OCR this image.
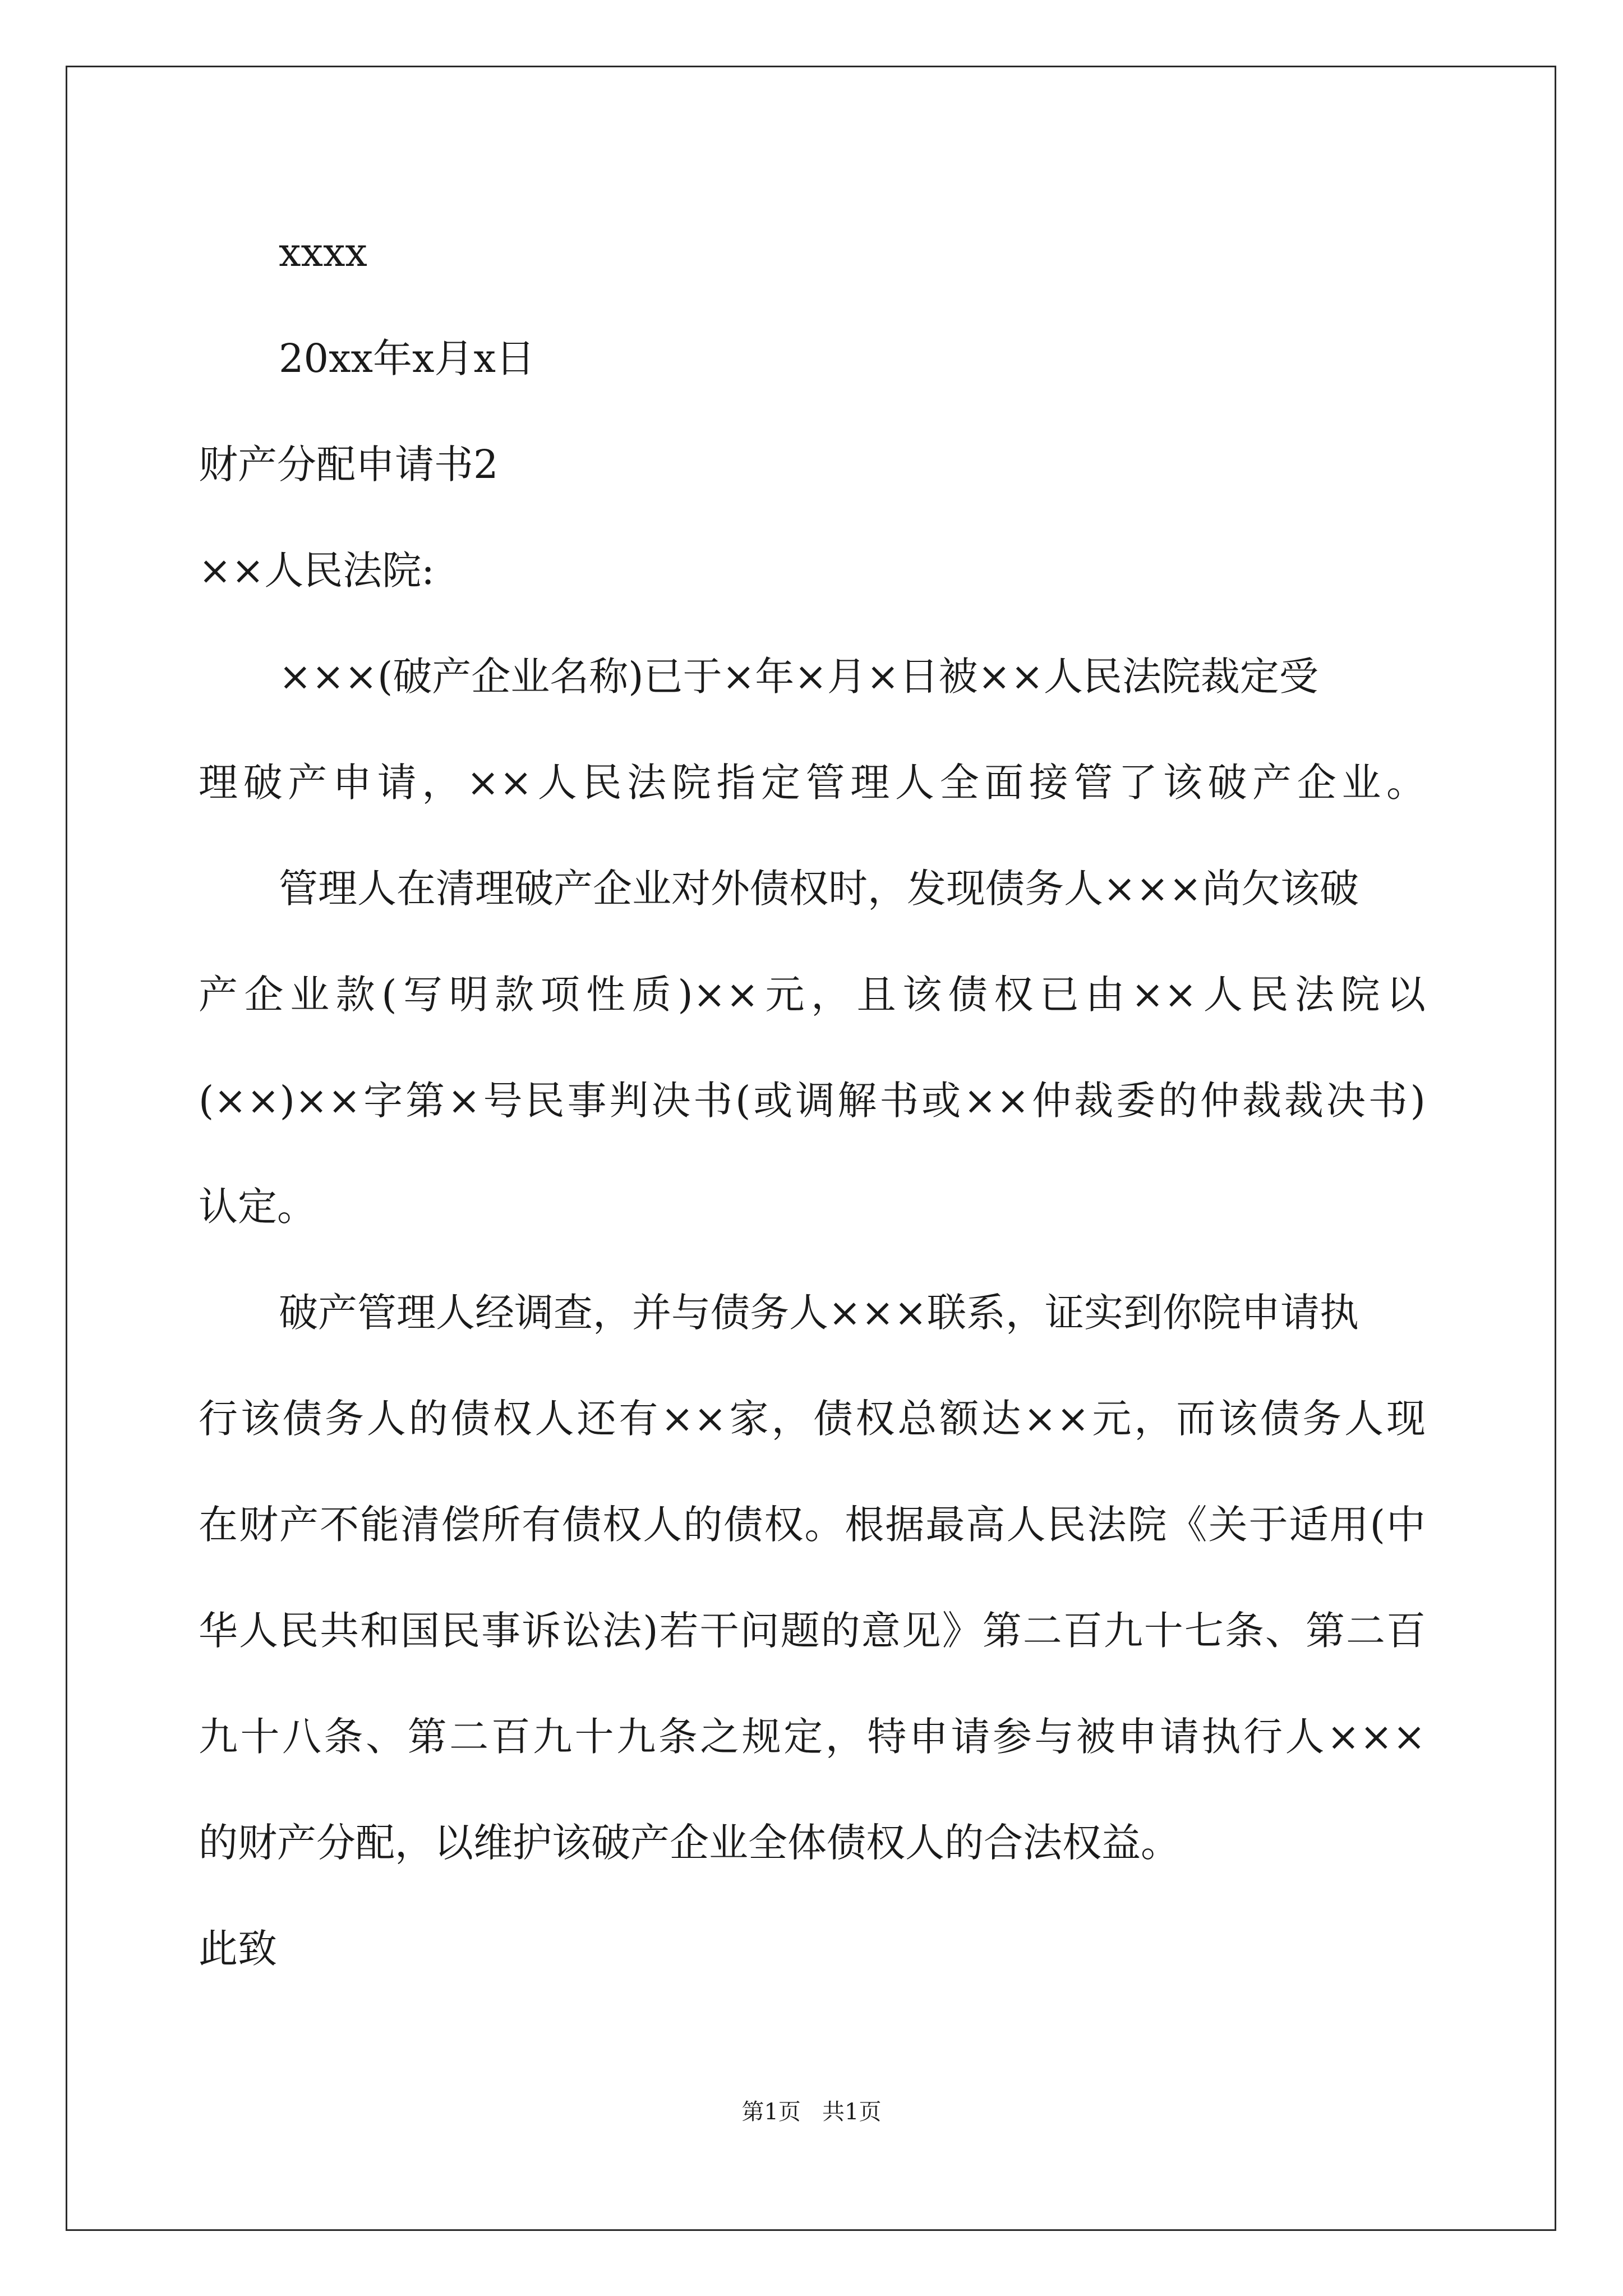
xxxx

20xx年x月x日

财产分配申请书2

××人民法院:

×××(破产企业名称)已于×年×月×日被××人民法院裁定受

理破产申请，××人民法院指定管理人全面接管了该破产企业。

管理人在清理破产企业对外债权时，发现债务人×××尚欠该破

产企业款(写明款项性质)××元，且该债权已由××人民法院以

(××)××字第×号民事判决书(或调解书或××仲裁委的仲裁裁决书)

认定。

破产管理人经调查，并与债务人×××联系，证实到你院申请执

行该债务人的债权人还有××家，债权总额达××元，而该债务人现

在财产不能清偿所有债权人的债权。根据最高人民法院《关于适用(中

华人民共和国民事诉讼法)若干问题的意见》第二百九十七条、第二百

九十八条、第二百九十九条之规定，特申请参与被申请执行人×××

的财产分配，以维护该破产企业全体债权人的合法权益。

此致

第1页   共1页
